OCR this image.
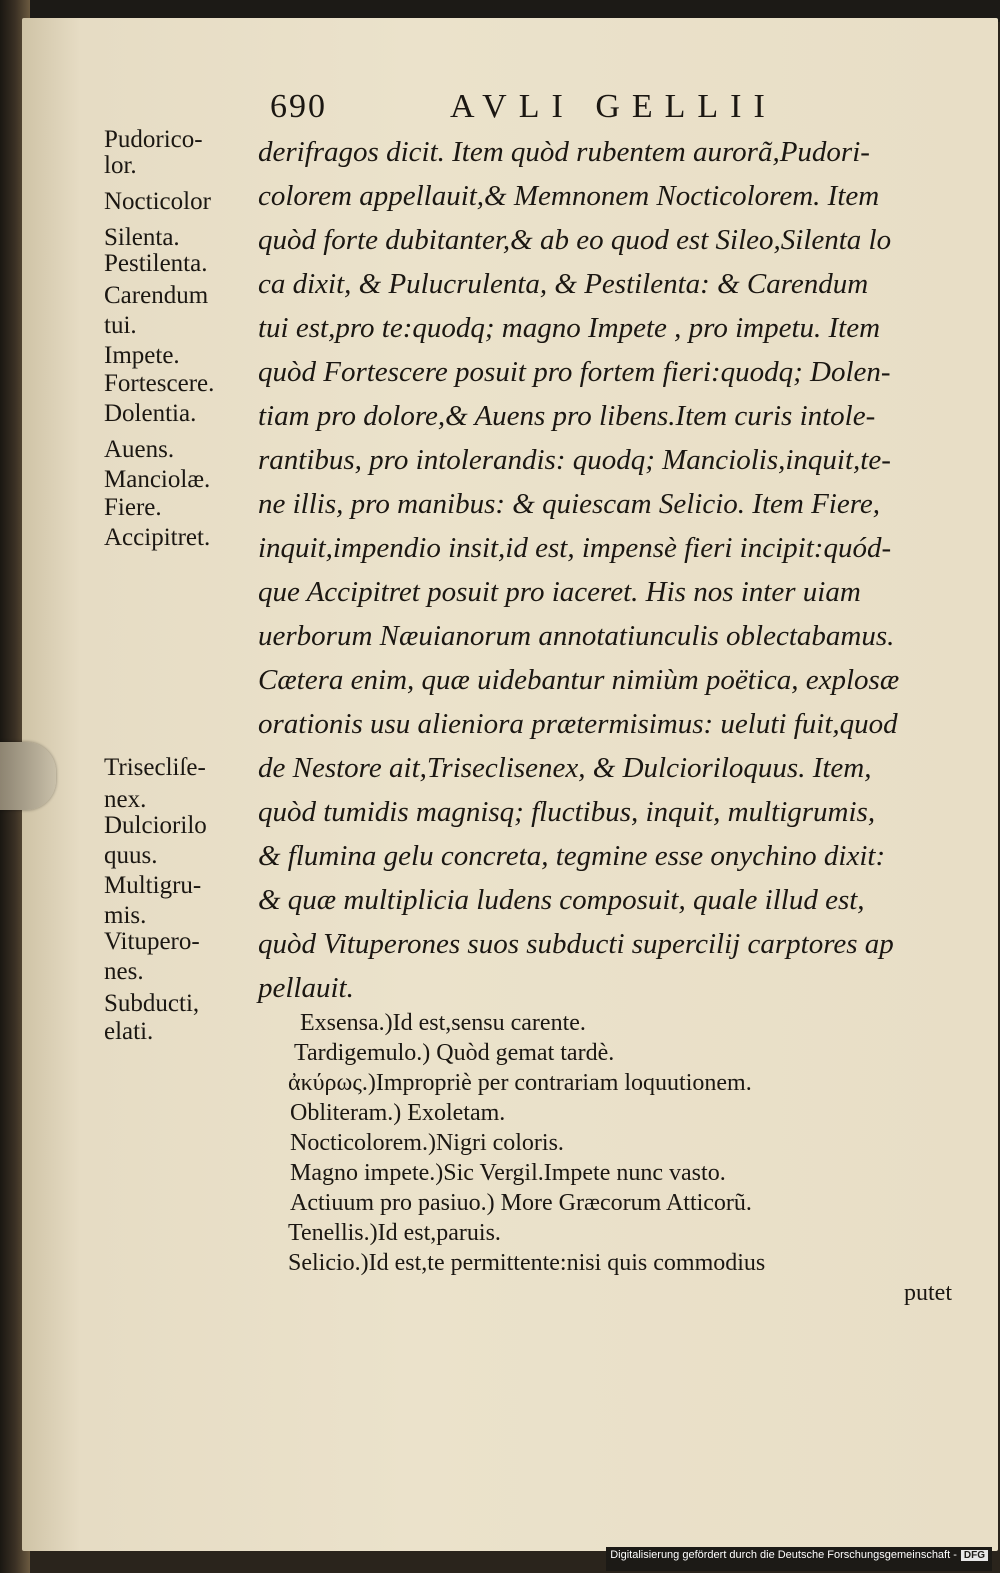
690	AVLI GELLII
Pudorico-
lor.
Nocticolor
Silenta.
Pestilenta.
Carendum
tui.
Impete.
Fortescere.
Dolentia.
Auens.
Manciolæ.
Fiere.
Accipitret.
Trisecliſe-
nex.
Dulciorilo
quus.
Multigru-
mis.
Vitupero-
nes.
Subducti,
elati.
derifragos dicit. Item quòd rubentem aurorã,Pudori-
colorem appellauit,& Memnonem Nocticolorem. Item
quòd forte dubitanter,& ab eo quod est Sileo,Silenta lo
ca dixit, & Pulucrulenta, & Pestilenta: & Carendum
tui est,pro te:quodq; magno Impete , pro impetu. Item
quòd Fortescere posuit pro fortem fieri:quodq; Dolen-
tiam pro dolore,& Auens pro libens.Item curis intole-
rantibus, pro intolerandis: quodq; Manciolis,inquit,te-
ne illis, pro manibus: & quiescam Selicio. Item Fiere,
inquit,impendio insit,id est, impensè fieri incipit:quód-
que Accipitret posuit pro iaceret. His nos inter uiam
uerborum Næuianorum annotatiunculis oblectabamus.
Cætera enim, quæ uidebantur nimiùm poëtica, explosæ
orationis usu alieniora prætermisimus: ueluti fuit,quod
de Nestore ait,Triseclisenex, & Dulcioriloquus. Item,
quòd tumidis magnisq; fluctibus, inquit, multigrumis,
& flumina gelu concreta, tegmine esse onychino dixit:
& quæ multiplicia ludens composuit, quale illud est,
quòd Vituperones suos subducti supercilij carptores ap
pellauit.
Exsensa.)Id est,sensu carente.
Tardigemulo.) Quòd gemat tardè.
ἀκύρως.)Impropriè per contrariam loquutionem.
Obliteram.) Exoletam.
Nocticolorem.)Nigri coloris.
Magno impete.)Sic Vergil.Impete nunc vasto.
Actiuum pro pasiuo.) More Græcorum Atticorũ.
Tenellis.)Id est,paruis.
Selicio.)Id est,te permittente:nisi quis commodius
putet
Digitalisierung gefördert durch die Deutsche Forschungsgemeinschaft - DFG
